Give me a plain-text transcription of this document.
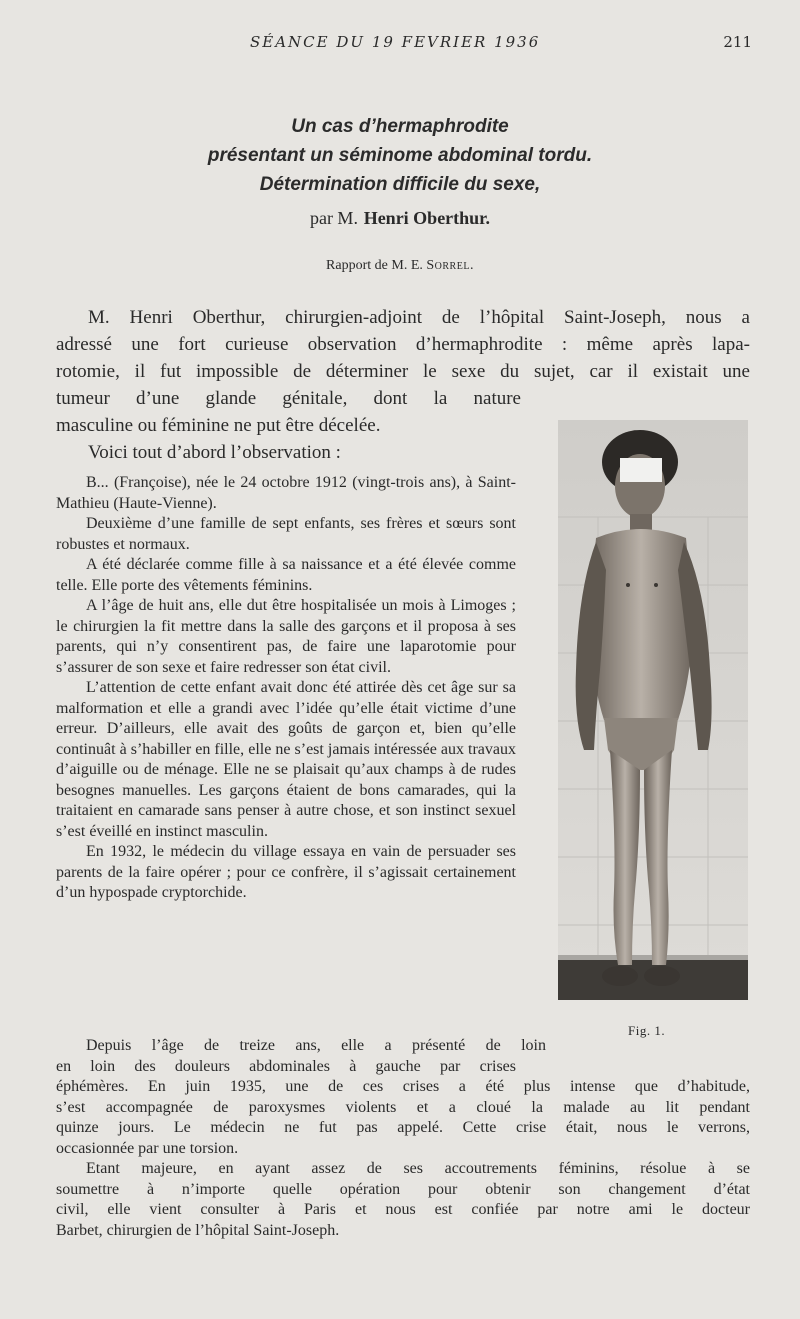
SÉANCE DU 19 FEVRIER 1936	211
Un cas d’hermaphrodite
présentant un séminome abdominal tordu.
Détermination difficile du sexe,
par M. Henri Oberthur.
Rapport de M. E. Sorrel.
M. Henri Oberthur, chirurgien-adjoint de l’hôpital Saint-Joseph, nous a
adressé une fort curieuse observation d’hermaphrodite : même après lapa-
rotomie, il fut impossible de déterminer le sexe du sujet, car il existait une
tumeur d’une glande génitale, dont la nature
masculine ou féminine ne put être décelée.
Voici tout d’abord l’observation :

B... (Françoise), née le 24 octobre 1912 (vingt-trois ans), à Saint-Mathieu (Haute-Vienne).

Deuxième d’une famille de sept enfants, ses frères et sœurs sont robustes et normaux.

A été déclarée comme fille à sa naissance et a été élevée comme telle. Elle porte des vêtements féminins.

A l’âge de huit ans, elle dut être hospitalisée un mois à Limoges ; le chirurgien la fit mettre dans la salle des garçons et il proposa à ses parents, qui n’y consentirent pas, de faire une laparotomie pour s’assurer de son sexe et faire redresser son état civil.

L’attention de cette enfant avait donc été attirée dès cet âge sur sa malformation et elle a grandi avec l’idée qu’elle était victime d’une erreur. D’ailleurs, elle avait des goûts de garçon et, bien qu’elle continuât à s’habiller en fille, elle ne s’est jamais intéressée aux travaux d’aiguille ou de ménage. Elle ne se plaisait qu’aux champs à de rudes besognes manuelles. Les garçons étaient de bons camarades, qui la traitaient en camarade sans penser à autre chose, et son instinct sexuel s’est éveillé en instinct masculin.

En 1932, le médecin du village essaya en vain de persuader ses parents de la faire opérer ; pour ce confrère, il s’agissait certainement d’un hypospade cryptorchide.

Depuis l’âge de treize ans, elle a présenté de loin
en loin des douleurs abdominales à gauche par crises
éphémères. En juin 1935, une de ces crises a été plus intense que d’habitude,
s’est accompagnée de paroxysmes violents et a cloué la malade au lit pendant
quinze jours. Le médecin ne fut pas appelé. Cette crise était, nous le verrons,
occasionnée par une torsion.
Etant majeure, en ayant assez de ses accoutrements féminins, résolue à se
soumettre à n’importe quelle opération pour obtenir son changement d’état
civil, elle vient consulter à Paris et nous est confiée par notre ami le docteur
Barbet, chirurgien de l’hôpital Saint-Joseph.
Fig. 1.
